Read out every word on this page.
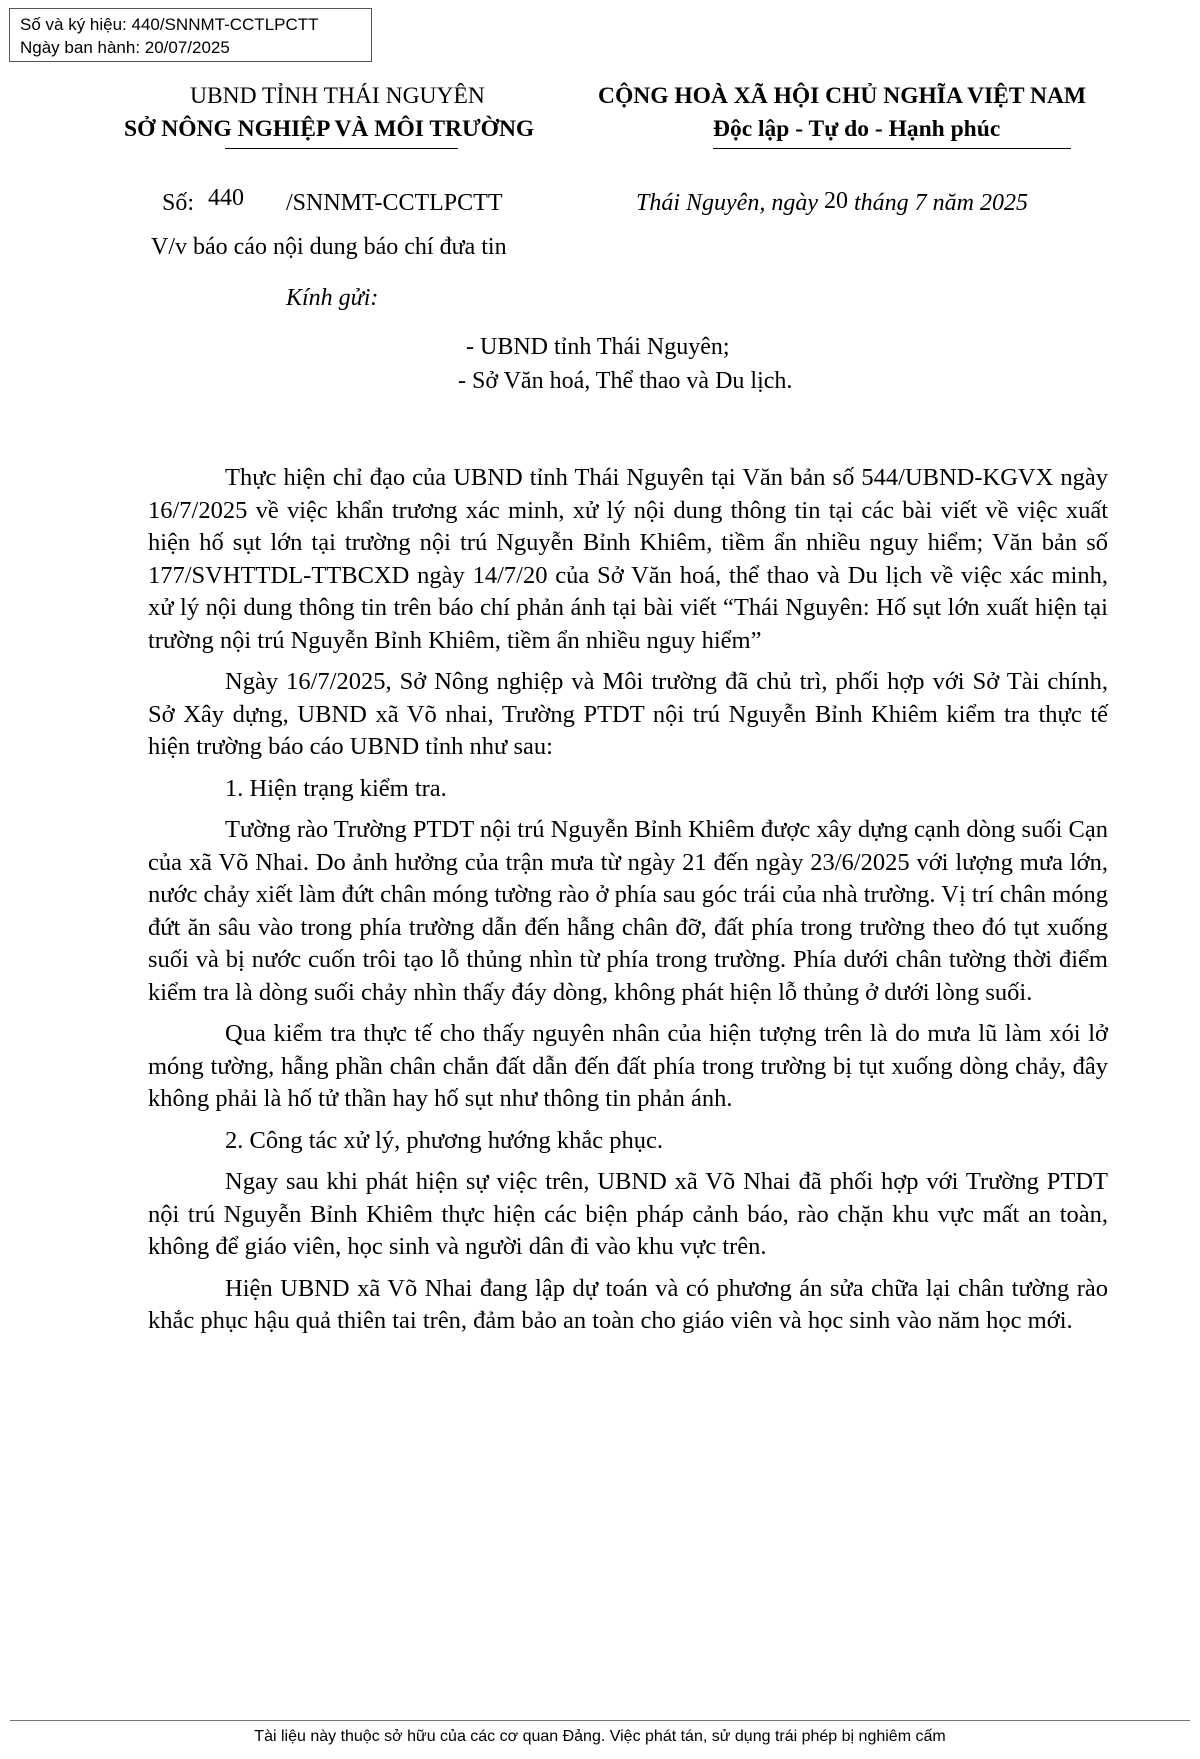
Số và ký hiệu: 440/SNNMT-CCTLPCTT
Ngày ban hành: 20/07/2025
UBND TỈNH THÁI NGUYÊN
SỞ NÔNG NGHIỆP VÀ MÔI TRƯỜNG
CỘNG HOÀ XÃ HỘI CHỦ NGHĨA VIỆT NAM
Độc lập - Tự do - Hạnh phúc
Số: 440 /SNNMT-CCTLPCTT	Thái Nguyên, ngày 20 tháng 7 năm 2025
V/v báo cáo nội dung báo chí đưa tin
Kính gửi:
- UBND tỉnh Thái Nguyên;
- Sở Văn hoá, Thể thao và Du lịch.

Thực hiện chỉ đạo của UBND tỉnh Thái Nguyên tại Văn bản số 544/UBND-KGVX ngày 16/7/2025 về việc khẩn trương xác minh, xử lý nội dung thông tin tại các bài viết về việc xuất hiện hố sụt lớn tại trường nội trú Nguyễn Bỉnh Khiêm, tiềm ẩn nhiều nguy hiểm; Văn bản số 177/SVHTTDL-TTBCXD ngày 14/7/20 của Sở Văn hoá, thể thao và Du lịch về việc xác minh, xử lý nội dung thông tin trên báo chí phản ánh tại bài viết “Thái Nguyên: Hố sụt lớn xuất hiện tại trường nội trú Nguyễn Bỉnh Khiêm, tiềm ẩn nhiều nguy hiểm”

Ngày 16/7/2025, Sở Nông nghiệp và Môi trường đã chủ trì, phối hợp với Sở Tài chính, Sở Xây dựng, UBND xã Võ nhai, Trường PTDT nội trú Nguyễn Bỉnh Khiêm kiểm tra thực tế hiện trường báo cáo UBND tỉnh như sau:

1. Hiện trạng kiểm tra.

Tường rào Trường PTDT nội trú Nguyễn Bỉnh Khiêm được xây dựng cạnh dòng suối Cạn của xã Võ Nhai. Do ảnh hưởng của trận mưa từ ngày 21 đến ngày 23/6/2025 với lượng mưa lớn, nước chảy xiết làm đứt chân móng tường rào ở phía sau góc trái của nhà trường. Vị trí chân móng đứt ăn sâu vào trong phía trường dẫn đến hẫng chân đỡ, đất phía trong trường theo đó tụt xuống suối và bị nước cuốn trôi tạo lỗ thủng nhìn từ phía trong trường. Phía dưới chân tường thời điểm kiểm tra là dòng suối chảy nhìn thấy đáy dòng, không phát hiện lỗ thủng ở dưới lòng suối.

Qua kiểm tra thực tế cho thấy nguyên nhân của hiện tượng trên là do mưa lũ làm xói lở móng tường, hẫng phần chân chắn đất dẫn đến đất phía trong trường bị tụt xuống dòng chảy, đây không phải là hố tử thần hay hố sụt như thông tin phản ánh.

2. Công tác xử lý, phương hướng khắc phục.

Ngay sau khi phát hiện sự việc trên, UBND xã Võ Nhai đã phối hợp với Trường PTDT nội trú Nguyễn Bỉnh Khiêm thực hiện các biện pháp cảnh báo, rào chặn khu vực mất an toàn, không để giáo viên, học sinh và người dân đi vào khu vực trên.

Hiện UBND xã Võ Nhai đang lập dự toán và có phương án sửa chữa lại chân tường rào khắc phục hậu quả thiên tai trên, đảm bảo an toàn cho giáo viên và học sinh vào năm học mới.

Tài liệu này thuộc sở hữu của các cơ quan Đảng. Việc phát tán, sử dụng trái phép bị nghiêm cấm
